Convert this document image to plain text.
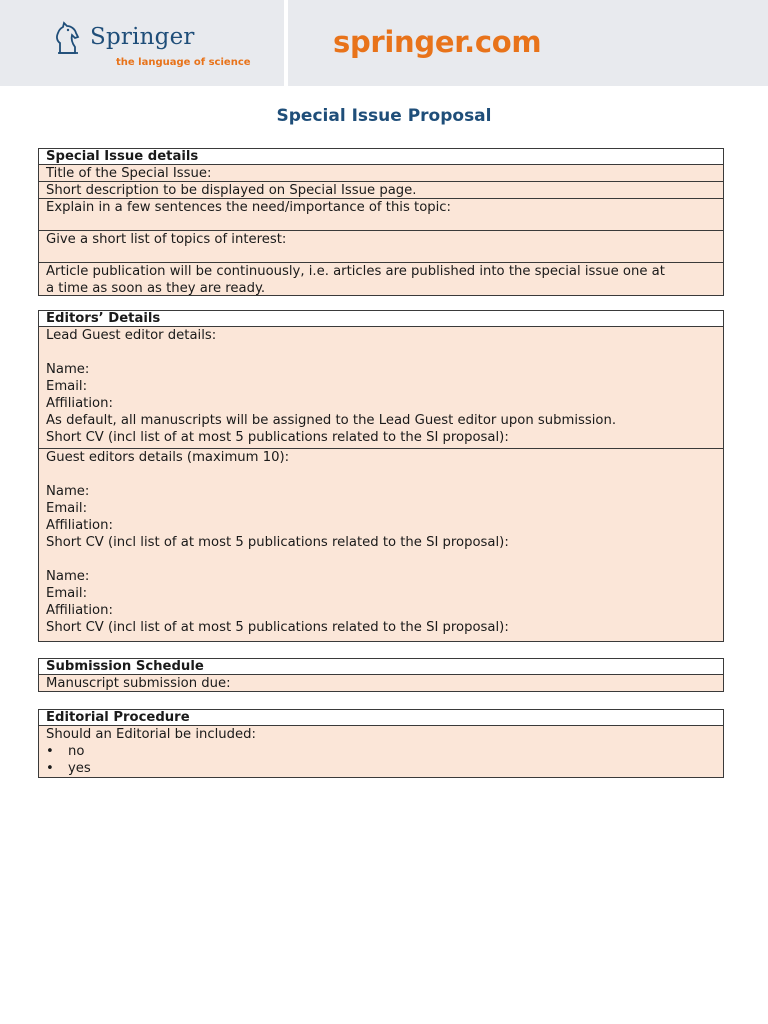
Springer
the language of science
springer.com
Special Issue Proposal
Special Issue details
Title of the Special Issue:
Short description to be displayed on Special Issue page.
Explain in a few sentences the need/importance of this topic:
Give a short list of topics of interest:
Article publication will be continuously, i.e. articles are published into the special issue one at
a time as soon as they are ready.
Editors’ Details
Lead Guest editor details:
Name:
Email:
Affiliation:
As default, all manuscripts will be assigned to the Lead Guest editor upon submission.
Short CV (incl list of at most 5 publications related to the SI proposal):
Guest editors details (maximum 10):
Name:
Email:
Affiliation:
Short CV (incl list of at most 5 publications related to the SI proposal):
Name:
Email:
Affiliation:
Short CV (incl list of at most 5 publications related to the SI proposal):
Submission Schedule
Manuscript submission due:
Editorial Procedure
Should an Editorial be included:
•	no
•	yes
